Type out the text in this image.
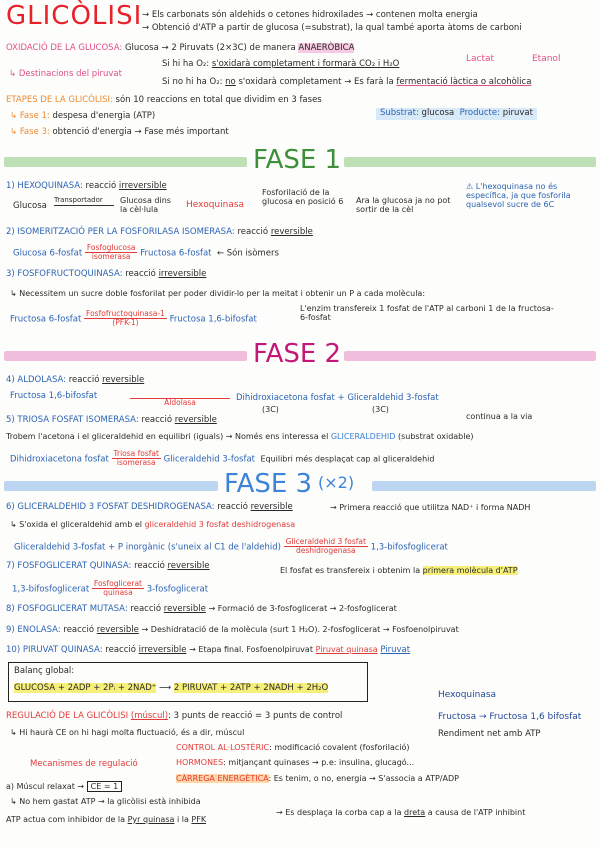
GLICÒLISI → Els carbonats són aldehids o cetones hidroxilades → contenen molta energia
→ Obtenció d'ATP a partir de glucosa (=substrat), la qual també aporta àtoms de carboni
OXIDACIÓ DE LA GLUCOSA: Glucosa → 2 Piruvats (2×3C) de manera ANAERÒBICA
Lactat	Etanol
↳ Destinacions del piruvat
Si hi ha O₂: s'oxidarà completament i formarà CO₂ i H₂O
Si no hi ha O₂: no s'oxidarà completament → Es farà la fermentació làctica o alcohòlica
ETAPES DE LA GLICÒLISI: són 10 reaccions en total que dividim en 3 fases
↳ Fase 1: despesa d'energia (ATP)
↳ Fase 3: obtenció d'energia → Fase més important
Substrat: glucosa Producte: piruvat
FASE 1
1) HEXOQUINASA: reacció irreversible
Glucosa
Transportador Glucosa dins la cèl·lula	Hexoquinasa
Fosforilació de la glucosa en posició 6	Ara la glucosa ja no pot sortir de la cèl
⚠ L'hexoquinasa no és específica, ja que fosforila qualsevol sucre de 6C
2) ISOMERITZACIÓ PER LA FOSFORILASA ISOMERASA: reacció reversible
Glucosa 6-fosfat $\frac{\text{Fosfoglucosa}}{\text{isomerasa}}$ Fructosa 6-fosfat ← Són isòmers
3) FOSFOFRUCTOQUINASA: reacció irreversible
↳ Necessitem un sucre doble fosforilat per poder dividir-lo per la meitat i obtenir un P a cada molècula:
Fructosa 6-fosfat $\frac{\text{Fosfofructoquinasa-1}}{\text{(PFK-1)}}$ Fructosa 1,6-bifosfat
L'enzim transfereix 1 fosfat de l'ATP al carboni 1 de la fructosa-6-fosfat
FASE 2
4) ALDOLASA: reacció reversible
Fructosa 1,6-bifosfat
Aldolasa	Dihidroxiacetona fosfat + Gliceraldehid 3-fosfat
(3C)	(3C)
5) TRIOSA FOSFAT ISOMERASA: reacció reversible	continua a la via
Trobem l'acetona i el gliceraldehid en equilibri (iguals) → Només ens interessa el GLICERALDEHID (substrat oxidable)
Dihidroxiacetona fosfat $\frac{\text{Triosa fosfat}}{\text{isomerasa}}$ Gliceraldehid 3-fosfat Equilibri més desplaçat cap al gliceraldehid
FASE 3 (×2)
6) GLICERALDEHID 3 FOSFAT DESHIDROGENASA: reacció reversible	→ Primera reacció que utilitza NAD⁺ i forma NADH
↳ S'oxida el gliceraldehid amb el gliceraldehid 3 fosfat deshidrogenasa
Gliceraldehid 3-fosfat + P inorgànic (s'uneix al C1 de l'aldehid) $\frac{\text{Gliceraldehid 3 fosfat}}{\text{deshidrogenasa}}$ 1,3-bifosfoglicerat
7) FOSFOGLICERAT QUINASA: reacció reversible	El fosfat es transfereix i obtenim la primera molècula d'ATP
1,3-bifosfoglicerat $\frac{\text{Fosfoglicerat}}{\text{quinasa}}$ 3-fosfoglicerat
8) FOSFOGLICERAT MUTASA: reacció reversible → Formació de 3-fosfoglicerat → 2-fosfoglicerat
9) ENOLASA: reacció reversible → Deshidratació de la molècula (surt 1 H₂O). 2-fosfoglicerat → Fosfoenolpiruvat
10) PIRUVAT QUINASA: reacció irreversible → Etapa final. Fosfoenolpiruvat Piruvat quinasa Piruvat
Balanç global:
GLUCOSA + 2ADP + 2Pᵢ + 2NAD⁺ ⟶ 2 PIRUVAT + 2ATP + 2NADH + 2H₂O
REGULACIÓ DE LA GLICÒLISI (múscul): 3 punts de reacció = 3 punts de control
Hexoquinasa
Fructosa → Fructosa 1,6 bifosfat
Rendiment net amb ATP
↳ Hi haurà CE on hi hagi molta fluctuació, és a dir, múscul
Mecanismes de regulació
CONTROL AL·LOSTÈRIC: modificació covalent (fosforilació)
HORMONES: mitjançant quinases → p.e: insulina, glucagó...
CÀRREGA ENERGÈTICA: Es tenim, o no, energia → S'associa a ATP/ADP
a) Múscul relaxat → CE = 1
↳ No hem gastat ATP → la glicòlisi està inhibida
ATP actua com inhibidor de la Pyr quinasa i la PFK
→ Es desplaça la corba cap a la dreta a causa de l'ATP inhibint
